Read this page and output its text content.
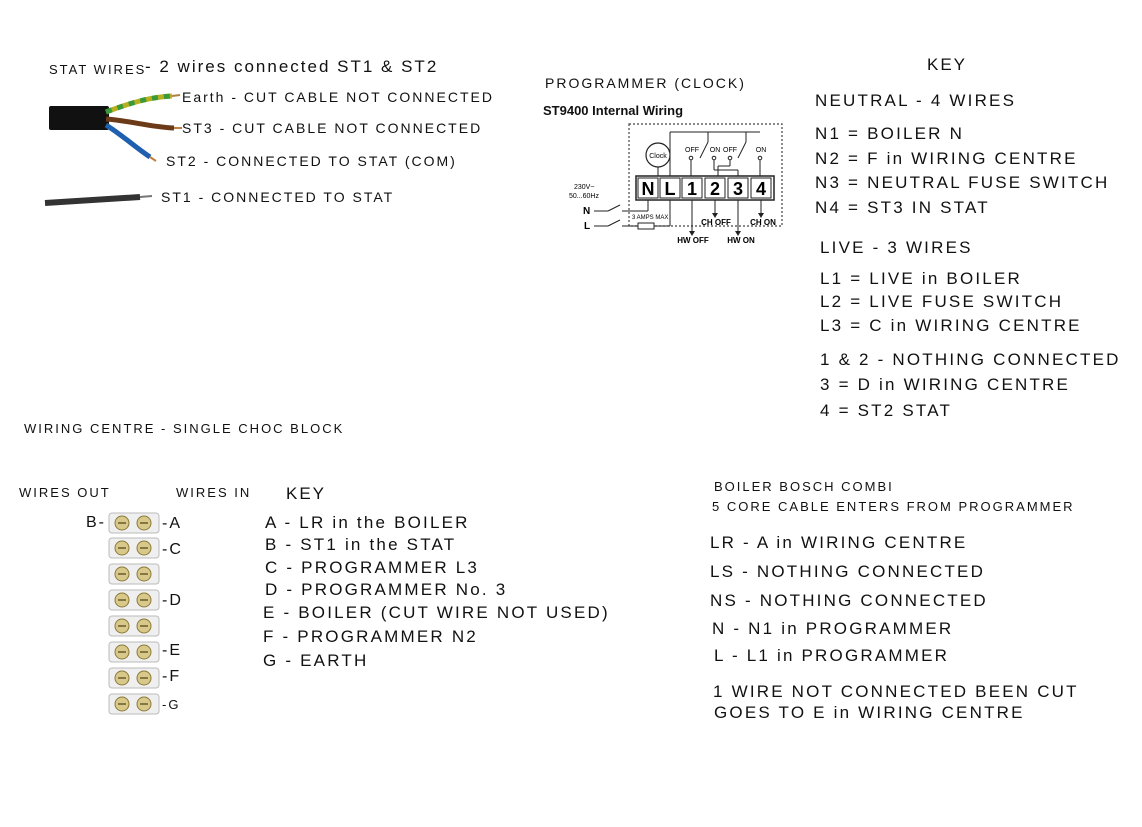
STAT WIRES
- 2 wires connected ST1 & ST2
Earth - CUT CABLE NOT CONNECTED
ST3 - CUT CABLE NOT CONNECTED
ST2 - CONNECTED TO STAT (COM)
ST1 - CONNECTED TO STAT
PROGRAMMER (CLOCK)
ST9400 Internal Wiring
Clock
OFF ON OFF	ON
N L 1 2 3 4
230V~
50...60Hz
N
L
3 AMPS MAX
HW OFF
CH OFF
HW ON
CH ON
KEY
NEUTRAL - 4 WIRES
N1 = BOILER N
N2 = F in WIRING CENTRE
N3 = NEUTRAL FUSE SWITCH
N4 = ST3 IN STAT
LIVE - 3 WIRES
L1 = LIVE in BOILER
L2 = LIVE FUSE SWITCH
L3 = C in WIRING CENTRE
1 & 2 - NOTHING CONNECTED
3 = D in WIRING CENTRE
4 = ST2 STAT
WIRING CENTRE - SINGLE CHOC BLOCK
WIRES OUT	WIRES IN
B-	-A
-C
-D
-E
-F
-G
KEY
A - LR in the BOILER
B - ST1 in the STAT
C - PROGRAMMER L3
D - PROGRAMMER No. 3
E - BOILER (CUT WIRE NOT USED)
F - PROGRAMMER N2
G - EARTH
BOILER BOSCH COMBI
5 CORE CABLE ENTERS FROM PROGRAMMER
LR - A in WIRING CENTRE
LS - NOTHING CONNECTED
NS - NOTHING CONNECTED
N - N1 in PROGRAMMER
L - L1 in PROGRAMMER
1 WIRE NOT CONNECTED BEEN CUT
GOES TO E in WIRING CENTRE
